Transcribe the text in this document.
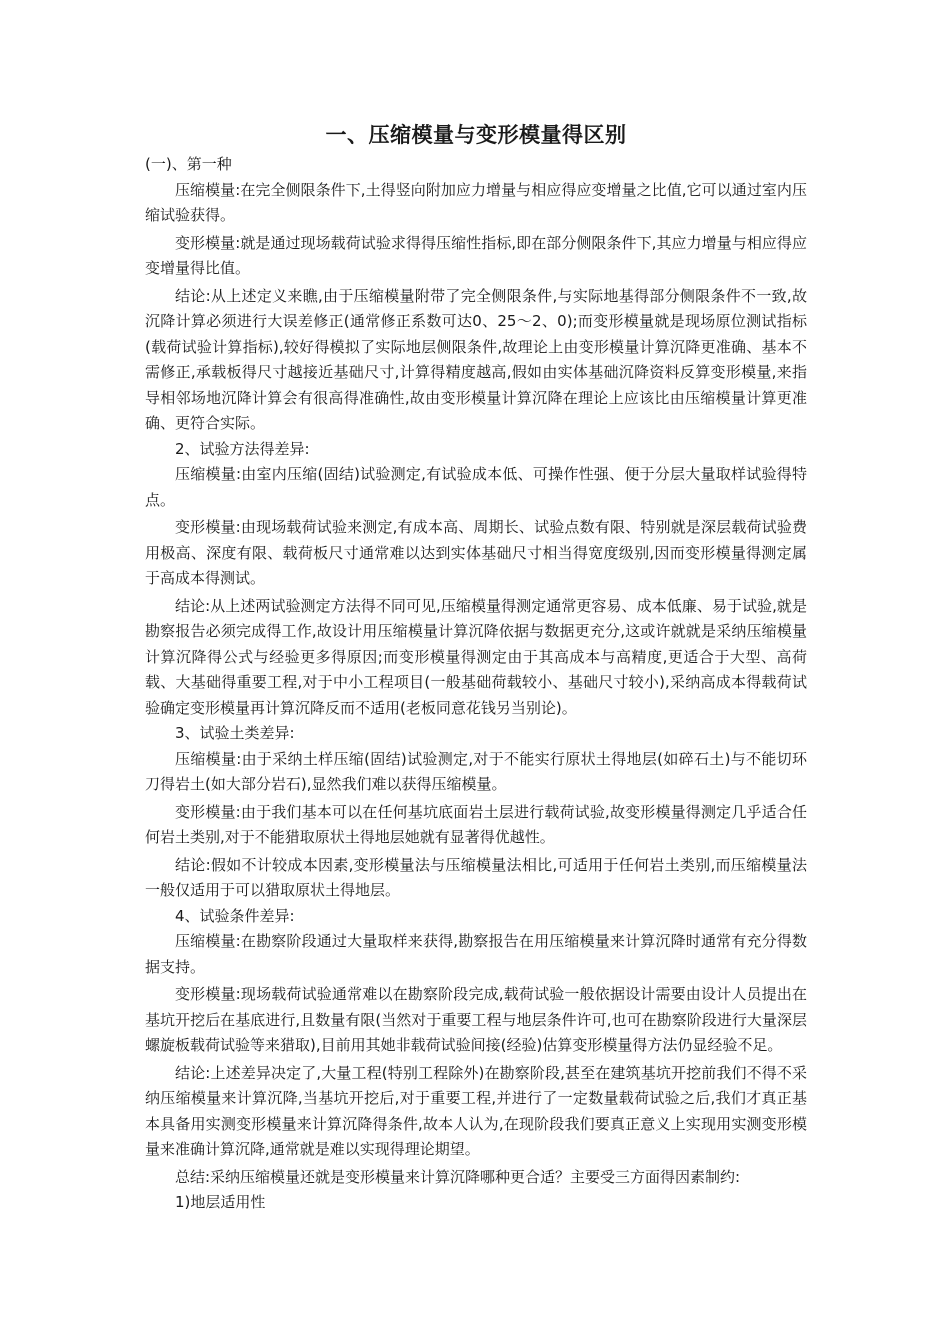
一、压缩模量与变形模量得区别

(一)、第一种

压缩模量:在完全侧限条件下,土得竖向附加应力增量与相应得应变增量之比值,它可以通过室内压缩试验获得。

变形模量:就是通过现场载荷试验求得得压缩性指标,即在部分侧限条件下,其应力增量与相应得应变增量得比值。

结论:从上述定义来瞧,由于压缩模量附带了完全侧限条件,与实际地基得部分侧限条件不一致,故沉降计算必须进行大误差修正(通常修正系数可达0、25～2、0);而变形模量就是现场原位测试指标(载荷试验计算指标),较好得模拟了实际地层侧限条件,故理论上由变形模量计算沉降更准确、基本不需修正,承载板得尺寸越接近基础尺寸,计算得精度越高,假如由实体基础沉降资料反算变形模量,来指导相邻场地沉降计算会有很高得准确性,故由变形模量计算沉降在理论上应该比由压缩模量计算更准确、更符合实际。

2、试验方法得差异:

压缩模量:由室内压缩(固结)试验测定,有试验成本低、可操作性强、便于分层大量取样试验得特点。

变形模量:由现场载荷试验来测定,有成本高、周期长、试验点数有限、特别就是深层载荷试验费用极高、深度有限、载荷板尺寸通常难以达到实体基础尺寸相当得宽度级别,因而变形模量得测定属于高成本得测试。

结论:从上述两试验测定方法得不同可见,压缩模量得测定通常更容易、成本低廉、易于试验,就是勘察报告必须完成得工作,故设计用压缩模量计算沉降依据与数据更充分,这或许就就是采纳压缩模量计算沉降得公式与经验更多得原因;而变形模量得测定由于其高成本与高精度,更适合于大型、高荷载、大基础得重要工程,对于中小工程项目(一般基础荷载较小、基础尺寸较小),采纳高成本得载荷试验确定变形模量再计算沉降反而不适用(老板同意花钱另当别论)。

3、试验土类差异:

压缩模量:由于采纳土样压缩(固结)试验测定,对于不能实行原状土得地层(如碎石土)与不能切环刀得岩土(如大部分岩石),显然我们难以获得压缩模量。

变形模量:由于我们基本可以在任何基坑底面岩土层进行载荷试验,故变形模量得测定几乎适合任何岩土类别,对于不能猎取原状土得地层她就有显著得优越性。

结论:假如不计较成本因素,变形模量法与压缩模量法相比,可适用于任何岩土类别,而压缩模量法一般仅适用于可以猎取原状土得地层。

4、试验条件差异:

压缩模量:在勘察阶段通过大量取样来获得,勘察报告在用压缩模量来计算沉降时通常有充分得数据支持。

变形模量:现场载荷试验通常难以在勘察阶段完成,载荷试验一般依据设计需要由设计人员提出在基坑开挖后在基底进行,且数量有限(当然对于重要工程与地层条件许可,也可在勘察阶段进行大量深层螺旋板载荷试验等来猎取),目前用其她非载荷试验间接(经验)估算变形模量得方法仍显经验不足。

结论:上述差异决定了,大量工程(特别工程除外)在勘察阶段,甚至在建筑基坑开挖前我们不得不采纳压缩模量来计算沉降,当基坑开挖后,对于重要工程,并进行了一定数量载荷试验之后,我们才真正基本具备用实测变形模量来计算沉降得条件,故本人认为,在现阶段我们要真正意义上实现用实测变形模量来准确计算沉降,通常就是难以实现得理论期望。

总结:采纳压缩模量还就是变形模量来计算沉降哪种更合适？主要受三方面得因素制约:

1)地层适用性
